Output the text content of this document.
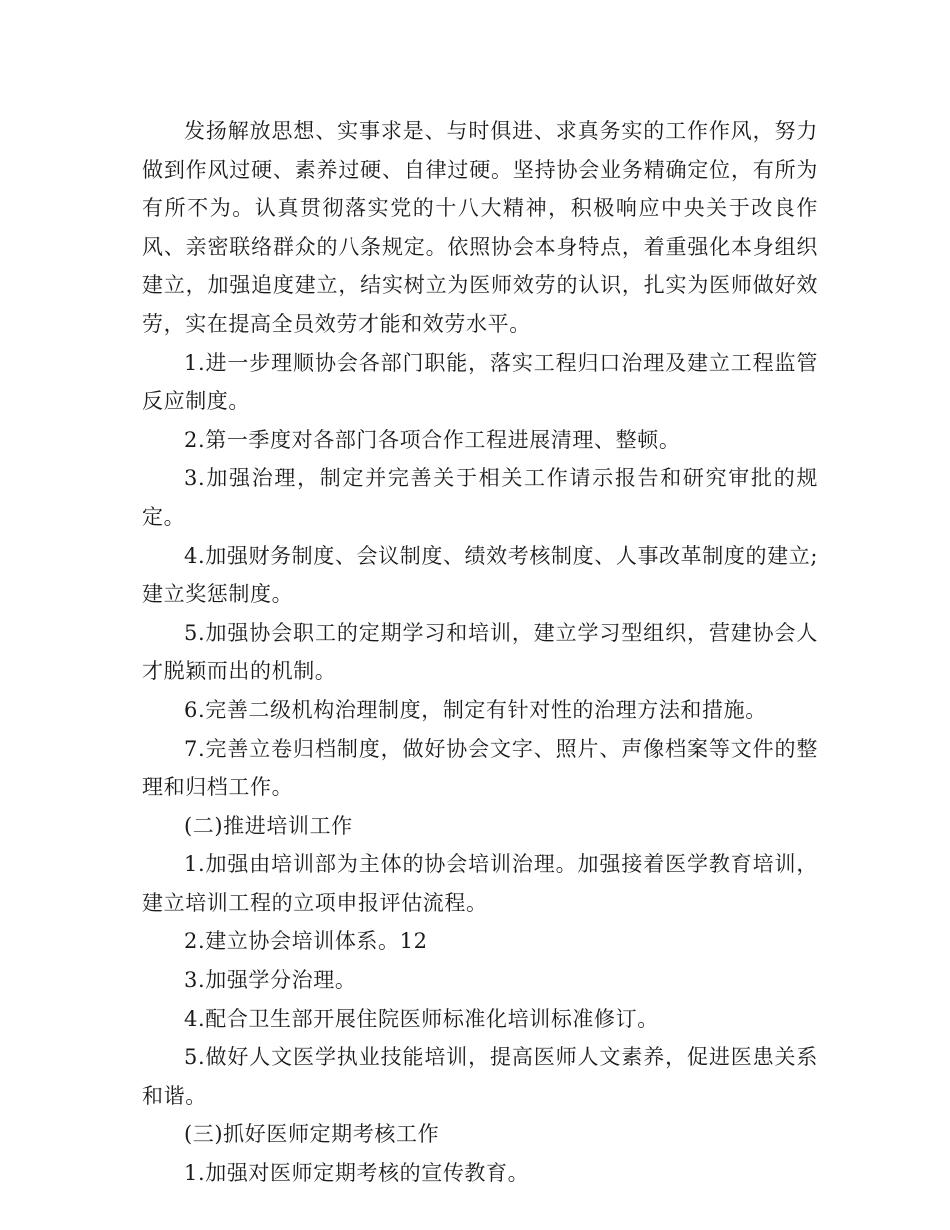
发扬解放思想、实事求是、与时俱进、求真务实的工作作风，努力做到作风过硬、素养过硬、自律过硬。坚持协会业务精确定位，有所为有所不为。认真贯彻落实党的十八大精神，积极响应中央关于改良作风、亲密联络群众的八条规定。依照协会本身特点，着重强化本身组织建立，加强追度建立，结实树立为医师效劳的认识，扎实为医师做好效劳，实在提高全员效劳才能和效劳水平。

1.进一步理顺协会各部门职能，落实工程归口治理及建立工程监管反应制度。

2.第一季度对各部门各项合作工程进展清理、整顿。

3.加强治理，制定并完善关于相关工作请示报告和研究审批的规定。

4.加强财务制度、会议制度、绩效考核制度、人事改革制度的建立;建立奖惩制度。

5.加强协会职工的定期学习和培训，建立学习型组织，营建协会人才脱颖而出的机制。

6.完善二级机构治理制度，制定有针对性的治理方法和措施。

7.完善立卷归档制度，做好协会文字、照片、声像档案等文件的整理和归档工作。

(二)推进培训工作

1.加强由培训部为主体的协会培训治理。加强接着医学教育培训，建立培训工程的立项申报评估流程。

2.建立协会培训体系。12

3.加强学分治理。

4.配合卫生部开展住院医师标准化培训标准修订。

5.做好人文医学执业技能培训，提高医师人文素养，促进医患关系和谐。

(三)抓好医师定期考核工作

1.加强对医师定期考核的宣传教育。
